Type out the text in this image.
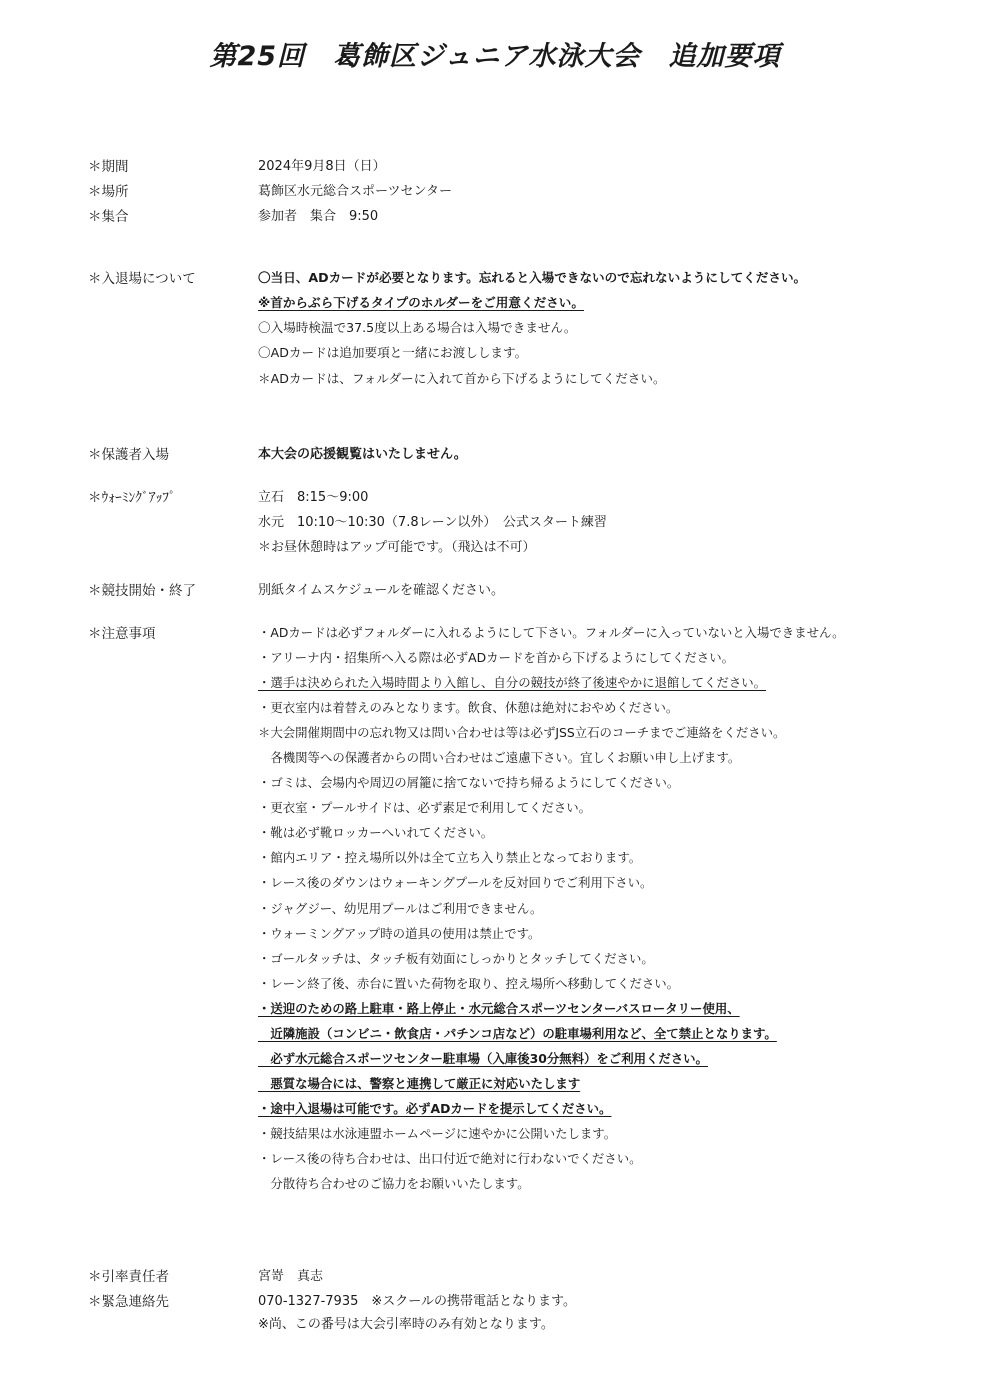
第25回　葛飾区ジュニア水泳大会　追加要項
＊期間	2024年9月8日（日）
＊場所	葛飾区水元総合スポーツセンター
＊集合	参加者　集合　9:50
＊入退場について	〇当日、ADカードが必要となります。忘れると入場できないので忘れないようにしてください。
※首からぶら下げるタイプのホルダーをご用意ください。
〇入場時検温で37.5度以上ある場合は入場できません。
〇ADカードは追加要項と一緒にお渡しします。
＊ADカードは、フォルダーに入れて首から下げるようにしてください。
＊保護者入場	本大会の応援観覧はいたしません。
＊ｳｫｰﾐﾝｸﾞｱｯﾌﾟ	立石　8:15～9:00
水元　10:10～10:30（7.8レーン以外）　公式スタート練習
＊お昼休憩時はアップ可能です。（飛込は不可）
＊競技開始・終了	別紙タイムスケジュールを確認ください。
＊注意事項	・ADカードは必ずフォルダーに入れるようにして下さい。フォルダーに入っていないと入場できません。
・アリーナ内・招集所へ入る際は必ずADカードを首から下げるようにしてください。
・選手は決められた入場時間より入館し、自分の競技が終了後速やかに退館してください。
・更衣室内は着替えのみとなります。飲食、休憩は絶対におやめください。
＊大会開催期間中の忘れ物又は問い合わせは等は必ずJSS立石のコーチまでご連絡をください。
　各機関等への保護者からの問い合わせはご遠慮下さい。宜しくお願い申し上げます。
・ゴミは、会場内や周辺の屑籠に捨てないで持ち帰るようにしてください。
・更衣室・プールサイドは、必ず素足で利用してください。
・靴は必ず靴ロッカーへいれてください。
・館内エリア・控え場所以外は全て立ち入り禁止となっております。
・レース後のダウンはウォーキングプールを反対回りでご利用下さい。
・ジャグジー、幼児用プールはご利用できません。
・ウォーミングアップ時の道具の使用は禁止です。
・ゴールタッチは、タッチ板有効面にしっかりとタッチしてください。
・レーン終了後、赤台に置いた荷物を取り、控え場所へ移動してください。
・送迎のための路上駐車・路上停止・水元総合スポーツセンターバスロータリー使用、
　近隣施設（コンビニ・飲食店・パチンコ店など）の駐車場利用など、全て禁止となります。
　必ず水元総合スポーツセンター駐車場（入庫後30分無料）をご利用ください。
　悪質な場合には、警察と連携して厳正に対応いたします
・途中入退場は可能です。必ずADカードを提示してください。
・競技結果は水泳連盟ホームページに速やかに公開いたします。
・レース後の待ち合わせは、出口付近で絶対に行わないでください。
　分散待ち合わせのご協力をお願いいたします。
＊引率責任者	宮嵜　真志
＊緊急連絡先	070-1327-7935　※スクールの携帯電話となります。
※尚、この番号は大会引率時のみ有効となります。
